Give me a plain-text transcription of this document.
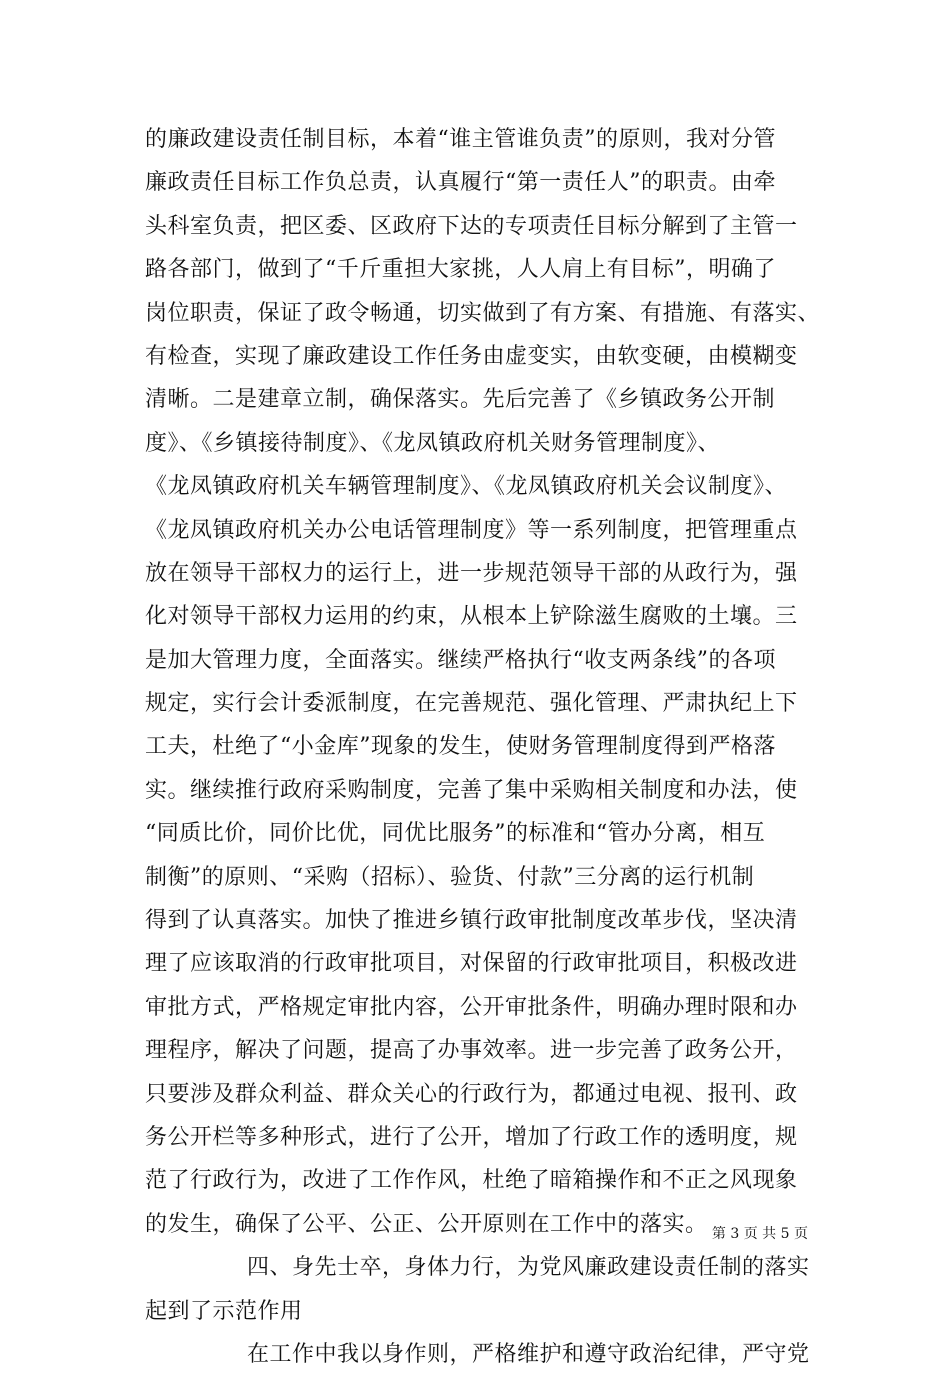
的廉政建设责任制目标，本着“谁主管谁负责”的原则，我对分管
廉政责任目标工作负总责，认真履行“第一责任人”的职责。由牵
头科室负责，把区委、区政府下达的专项责任目标分解到了主管一
路各部门，做到了“千斤重担大家挑，人人肩上有目标”，明确了
岗位职责，保证了政令畅通，切实做到了有方案、有措施、有落实、
有检查，实现了廉政建设工作任务由虚变实，由软变硬，由模糊变
清晰。二是建章立制，确保落实。先后完善了《乡镇政务公开制
度》、《乡镇接待制度》、《龙凤镇政府机关财务管理制度》、
《龙凤镇政府机关车辆管理制度》、《龙凤镇政府机关会议制度》、
《龙凤镇政府机关办公电话管理制度》等一系列制度，把管理重点
放在领导干部权力的运行上，进一步规范领导干部的从政行为，强
化对领导干部权力运用的约束，从根本上铲除滋生腐败的土壤。三
是加大管理力度，全面落实。继续严格执行“收支两条线”的各项
规定，实行会计委派制度，在完善规范、强化管理、严肃执纪上下
工夫，杜绝了“小金库”现象的发生，使财务管理制度得到严格落
实。继续推行政府采购制度，完善了集中采购相关制度和办法，使
“同质比价，同价比优，同优比服务”的标准和“管办分离，相互
制衡”的原则、“采购（招标）、验货、付款”三分离的运行机制
得到了认真落实。加快了推进乡镇行政审批制度改革步伐，坚决清
理了应该取消的行政审批项目，对保留的行政审批项目，积极改进
审批方式，严格规定审批内容，公开审批条件，明确办理时限和办
理程序，解决了问题，提高了办事效率。进一步完善了政务公开，
只要涉及群众利益、群众关心的行政行为，都通过电视、报刊、政
务公开栏等多种形式，进行了公开，增加了行政工作的透明度，规
范了行政行为，改进了工作作风，杜绝了暗箱操作和不正之风现象
的发生，确保了公平、公正、公开原则在工作中的落实。
四、身先士卒，身体力行，为党风廉政建设责任制的落实
起到了示范作用
在工作中我以身作则，严格维护和遵守政治纪律，严守党
第 3 页 共 5 页
